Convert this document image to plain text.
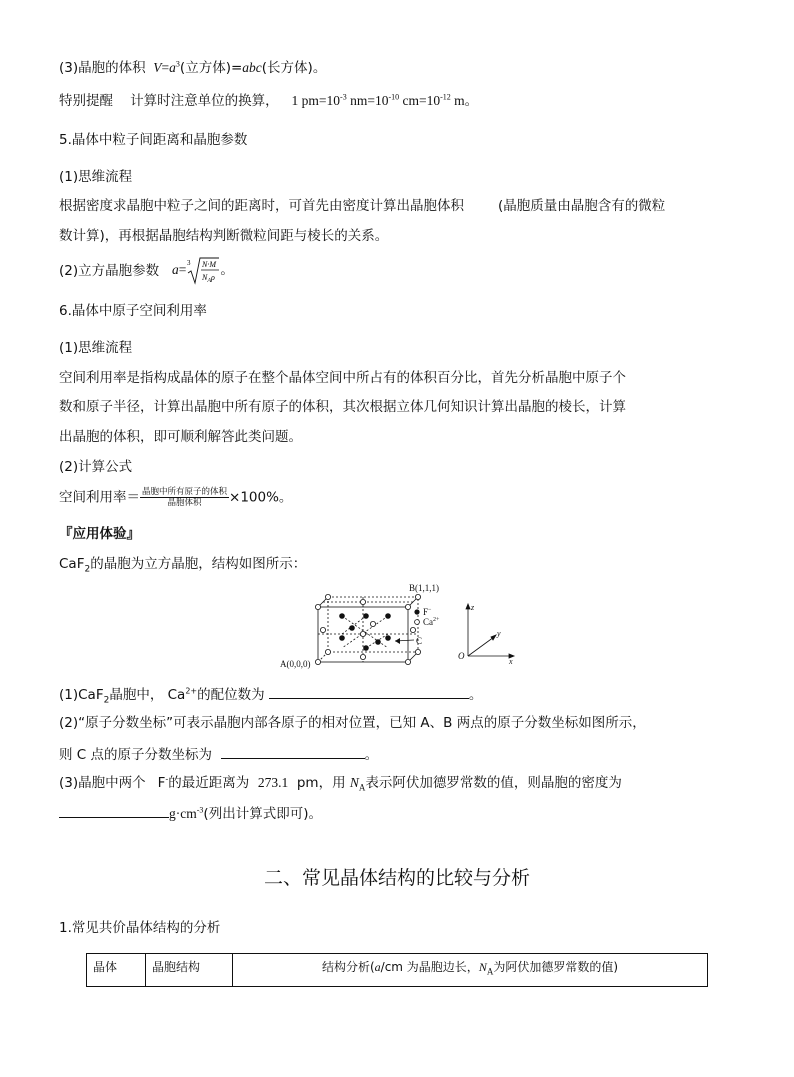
(3)晶胞的体积 $V=a^3$(立方体)=abc(长方体)。
特别提醒 计算时注意单位的换算， 1 $pm=10^{-3}$ $nm=10^{-10}$ $cm=10^{-12}$ m。
5.晶体中粒子间距离和晶胞参数
(1)思维流程
根据密度求晶胞中粒子之间的距离时，可首先由密度计算出晶胞体积	(晶胞质量由晶胞含有的微粒
数计算)，再根据晶胞结构判断微粒间距与棱长的关系。
(2)立方晶胞参数 a= 3 N·M
$N_A\rho$
。
6.晶体中原子空间利用率
(1)思维流程
空间利用率是指构成晶体的原子在整个晶体空间中所占有的体积百分比，首先分析晶胞中原子个
数和原子半径，计算出晶胞中所有原子的体积，其次根据立体几何知识计算出晶胞的棱长，计算
出晶胞的体积，即可顺利解答此类问题。
(2)计算公式
空间利用率＝ $\frac{\text{晶胞中所有原子的体积}}{\text{晶胞体积}} \times 100\%$。
『应用体验』
CaF$_2$的晶胞为立方晶胞，结构如图所示：
B(1,1,1)
A(0,0,0)
C
F−
$Ca^{2+}$
z
y
x
O
(1)CaF$_2$晶胞中， $Ca^{2+}$的配位数为	。
(2)“原子分数坐标”可表示晶胞内部各原子的相对位置，已知 A、B 两点的原子分数坐标如图所示，
则 C 点的原子分数坐标为	。
(3)晶胞中两个 F-的最近距离为 273.1 pm，用 $N_A$表示阿伏加德罗常数的值，则晶胞的密度为
$g\cdot cm^{-3}$(列出计算式即可)。
二、常见晶体结构的比较与分析
1.常见共价晶体结构的分析
晶体	晶胞结构	结构分析(a/cm 为晶胞边长，$N_A$为阿伏加德罗常数的值)
